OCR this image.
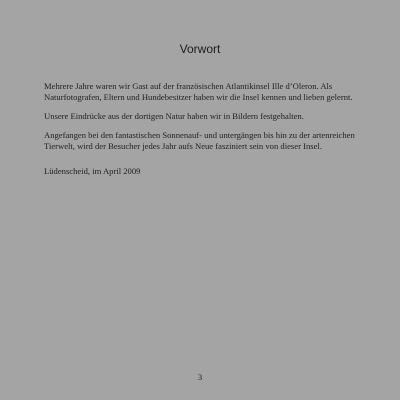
Vorwort

Mehrere Jahre waren wir Gast auf der französischen Atlantikinsel Ille d’Oleron. Als Naturfotografen, Eltern und Hundebesitzer haben wir die Insel kennen und lieben gelernt.

Unsere Eindrücke aus der dortigen Natur haben wir in Bildern festgehalten.

Angefangen bei den fantastischen Sonnenauf- und untergängen bis hin zu der artenreichen Tierwelt, wird der Besucher jedes Jahr aufs Neue fasziniert sein von dieser Insel.

Lüdenscheid, im April 2009

3
